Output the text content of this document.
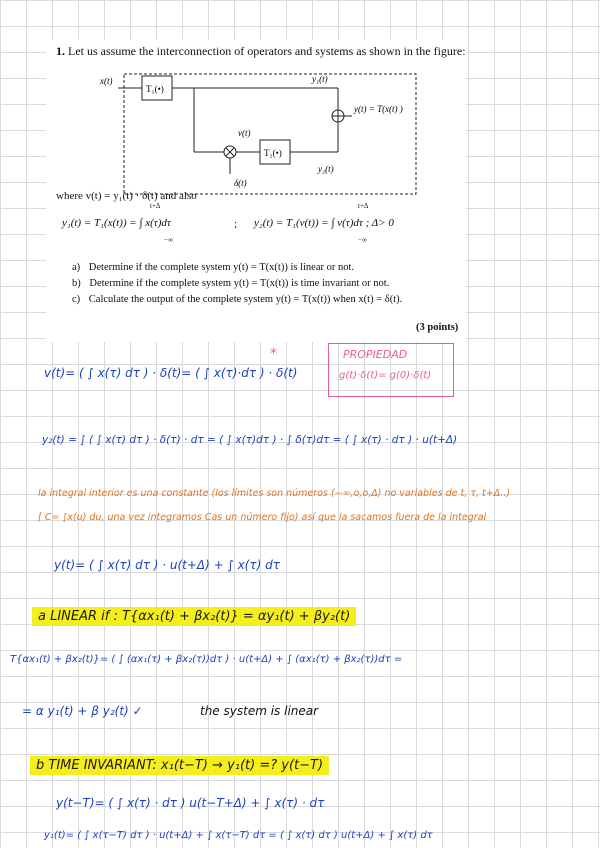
1. Let us assume the interconnection of operators and systems as shown in the figure:
x(t)
T₁(•)
T₁(•)
y₁(t)
y₂(t)
v(t)
δ(t)
y(t) = T(x(t) )
where v(t) = y₁(t) · δ(t) and also
t+Δ
y₁(t) = T₁(x(t)) = ∫ x(τ)dτ
−∞
;
t+Δ
y₂(t) = T₁(v(t)) = ∫ v(τ)dτ ; Δ> 0
−∞
a) Determine if the complete system y(t) = T(x(t)) is linear or not.
b) Determine if the complete system y(t) = T(x(t)) is time invariant or not.
c) Calculate the output of the complete system y(t) = T(x(t)) when x(t) = δ(t).
(3 points)
v(t)= ( ∫ x(τ) dτ ) · δ(t)= ( ∫ x(τ)·dτ ) · δ(t)
*	PROPIEDAD
g(t)·δ(t)= g(0)·δ(t)
y₂(t) = ∫ ( ∫ x(τ) dτ ) · δ(τ) · dτ = ( ∫ x(τ)dτ ) · ∫ δ(τ)dτ = ( ∫ x(τ) · dτ ) · u(t+Δ)
la integral interior es una constante (los límites son números (−∞,o,o,Δ) no variables de t, τ, t+Δ..)
[ C= ∫x(u) du, una vez integramos Cas un número fijo) así que la sacamos fuera de la integral
y(t)= ( ∫ x(τ) dτ ) · u(t+Δ) + ∫ x(τ) dτ
a LINEAR if : T{αx₁(t) + βx₂(t)} = αy₁(t) + βy₂(t)
T{αx₁(t) + βx₂(t)}= ( ∫ (αx₁(τ) + βx₂(τ))dτ ) · u(t+Δ) + ∫ (αx₁(τ) + βx₂(τ))dτ =
= α y₁(t) + β y₂(t) ✓	the system is linear
b TIME INVARIANT: x₁(t−T) → y₁(t) =? y(t−T)
y(t−T)= ( ∫ x(τ) · dτ ) u(t−T+Δ) + ∫ x(τ) · dτ
y₁(t)= ( ∫ x(τ−T) dτ ) · u(t+Δ) + ∫ x(τ−T) dτ = ( ∫ x(τ) dτ ) u(t+Δ) + ∫ x(τ) dτ
